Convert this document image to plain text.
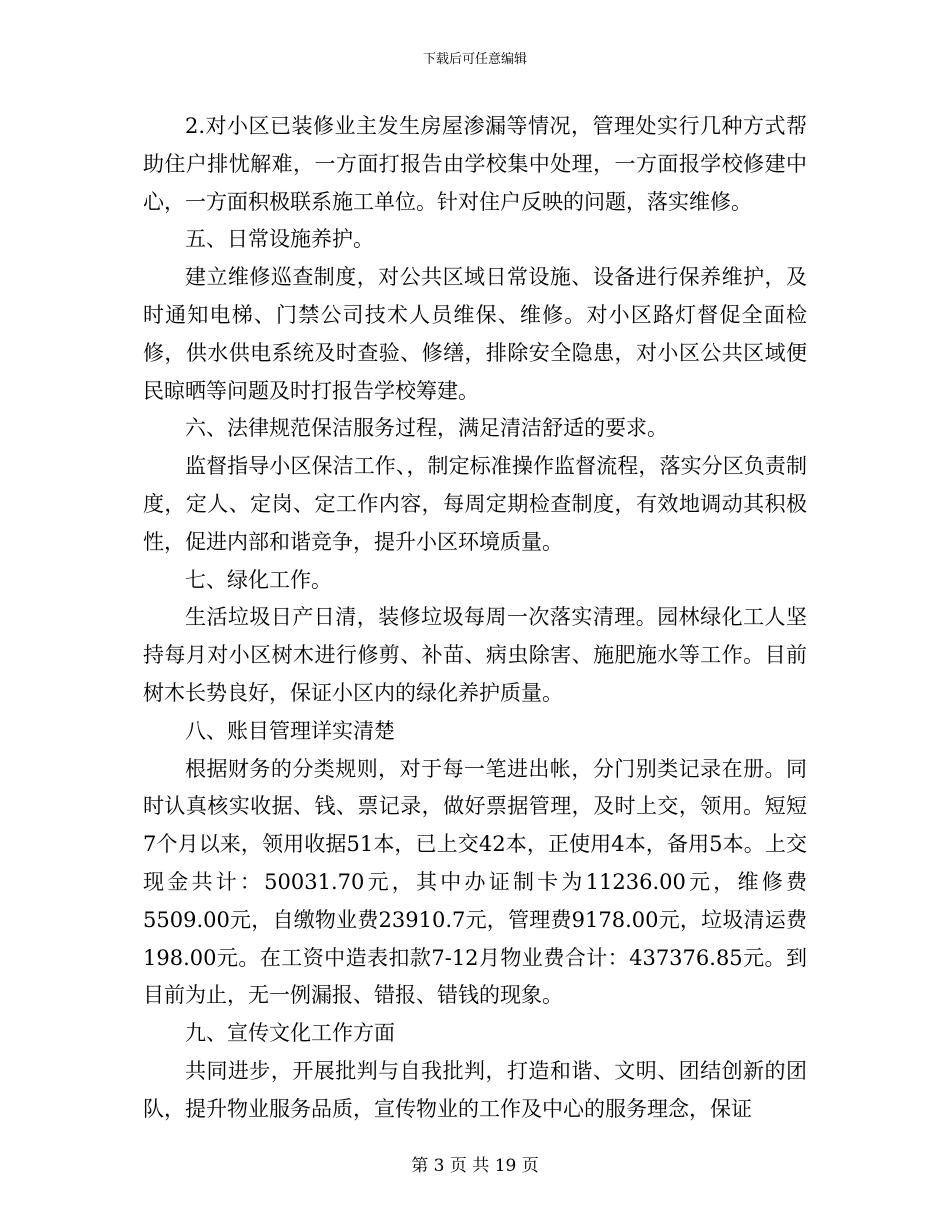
下载后可任意编辑

2.对小区已装修业主发生房屋渗漏等情况，管理处实行几种方式帮助住户排忧解难，一方面打报告由学校集中处理，一方面报学校修建中心，一方面积极联系施工单位。针对住户反映的问题，落实维修。

五、日常设施养护。

建立维修巡查制度，对公共区域日常设施、设备进行保养维护，及时通知电梯、门禁公司技术人员维保、维修。对小区路灯督促全面检修，供水供电系统及时查验、修缮，排除安全隐患，对小区公共区域便民晾晒等问题及时打报告学校筹建。

六、法律规范保洁服务过程，满足清洁舒适的要求。

监督指导小区保洁工作、，制定标准操作监督流程，落实分区负责制度，定人、定岗、定工作内容，每周定期检查制度，有效地调动其积极性，促进内部和谐竞争，提升小区环境质量。

七、绿化工作。

生活垃圾日产日清，装修垃圾每周一次落实清理。园林绿化工人坚持每月对小区树木进行修剪、补苗、病虫除害、施肥施水等工作。目前树木长势良好，保证小区内的绿化养护质量。

八、账目管理详实清楚

根据财务的分类规则，对于每一笔进出帐，分门别类记录在册。同时认真核实收据、钱、票记录，做好票据管理，及时上交，领用。短短7个月以来，领用收据51本，已上交42本，正使用4本，备用5本。上交现金共计：50031.70元，其中办证制卡为11236.00元，维修费5509.00元，自缴物业费23910.7元，管理费9178.00元，垃圾清运费198.00元。在工资中造表扣款7-12月物业费合计：437376.85元。到目前为止，无一例漏报、错报、错钱的现象。

九、宣传文化工作方面

共同进步，开展批判与自我批判，打造和谐、文明、团结创新的团队，提升物业服务品质，宣传物业的工作及中心的服务理念，保证

第 3 页 共 19 页
